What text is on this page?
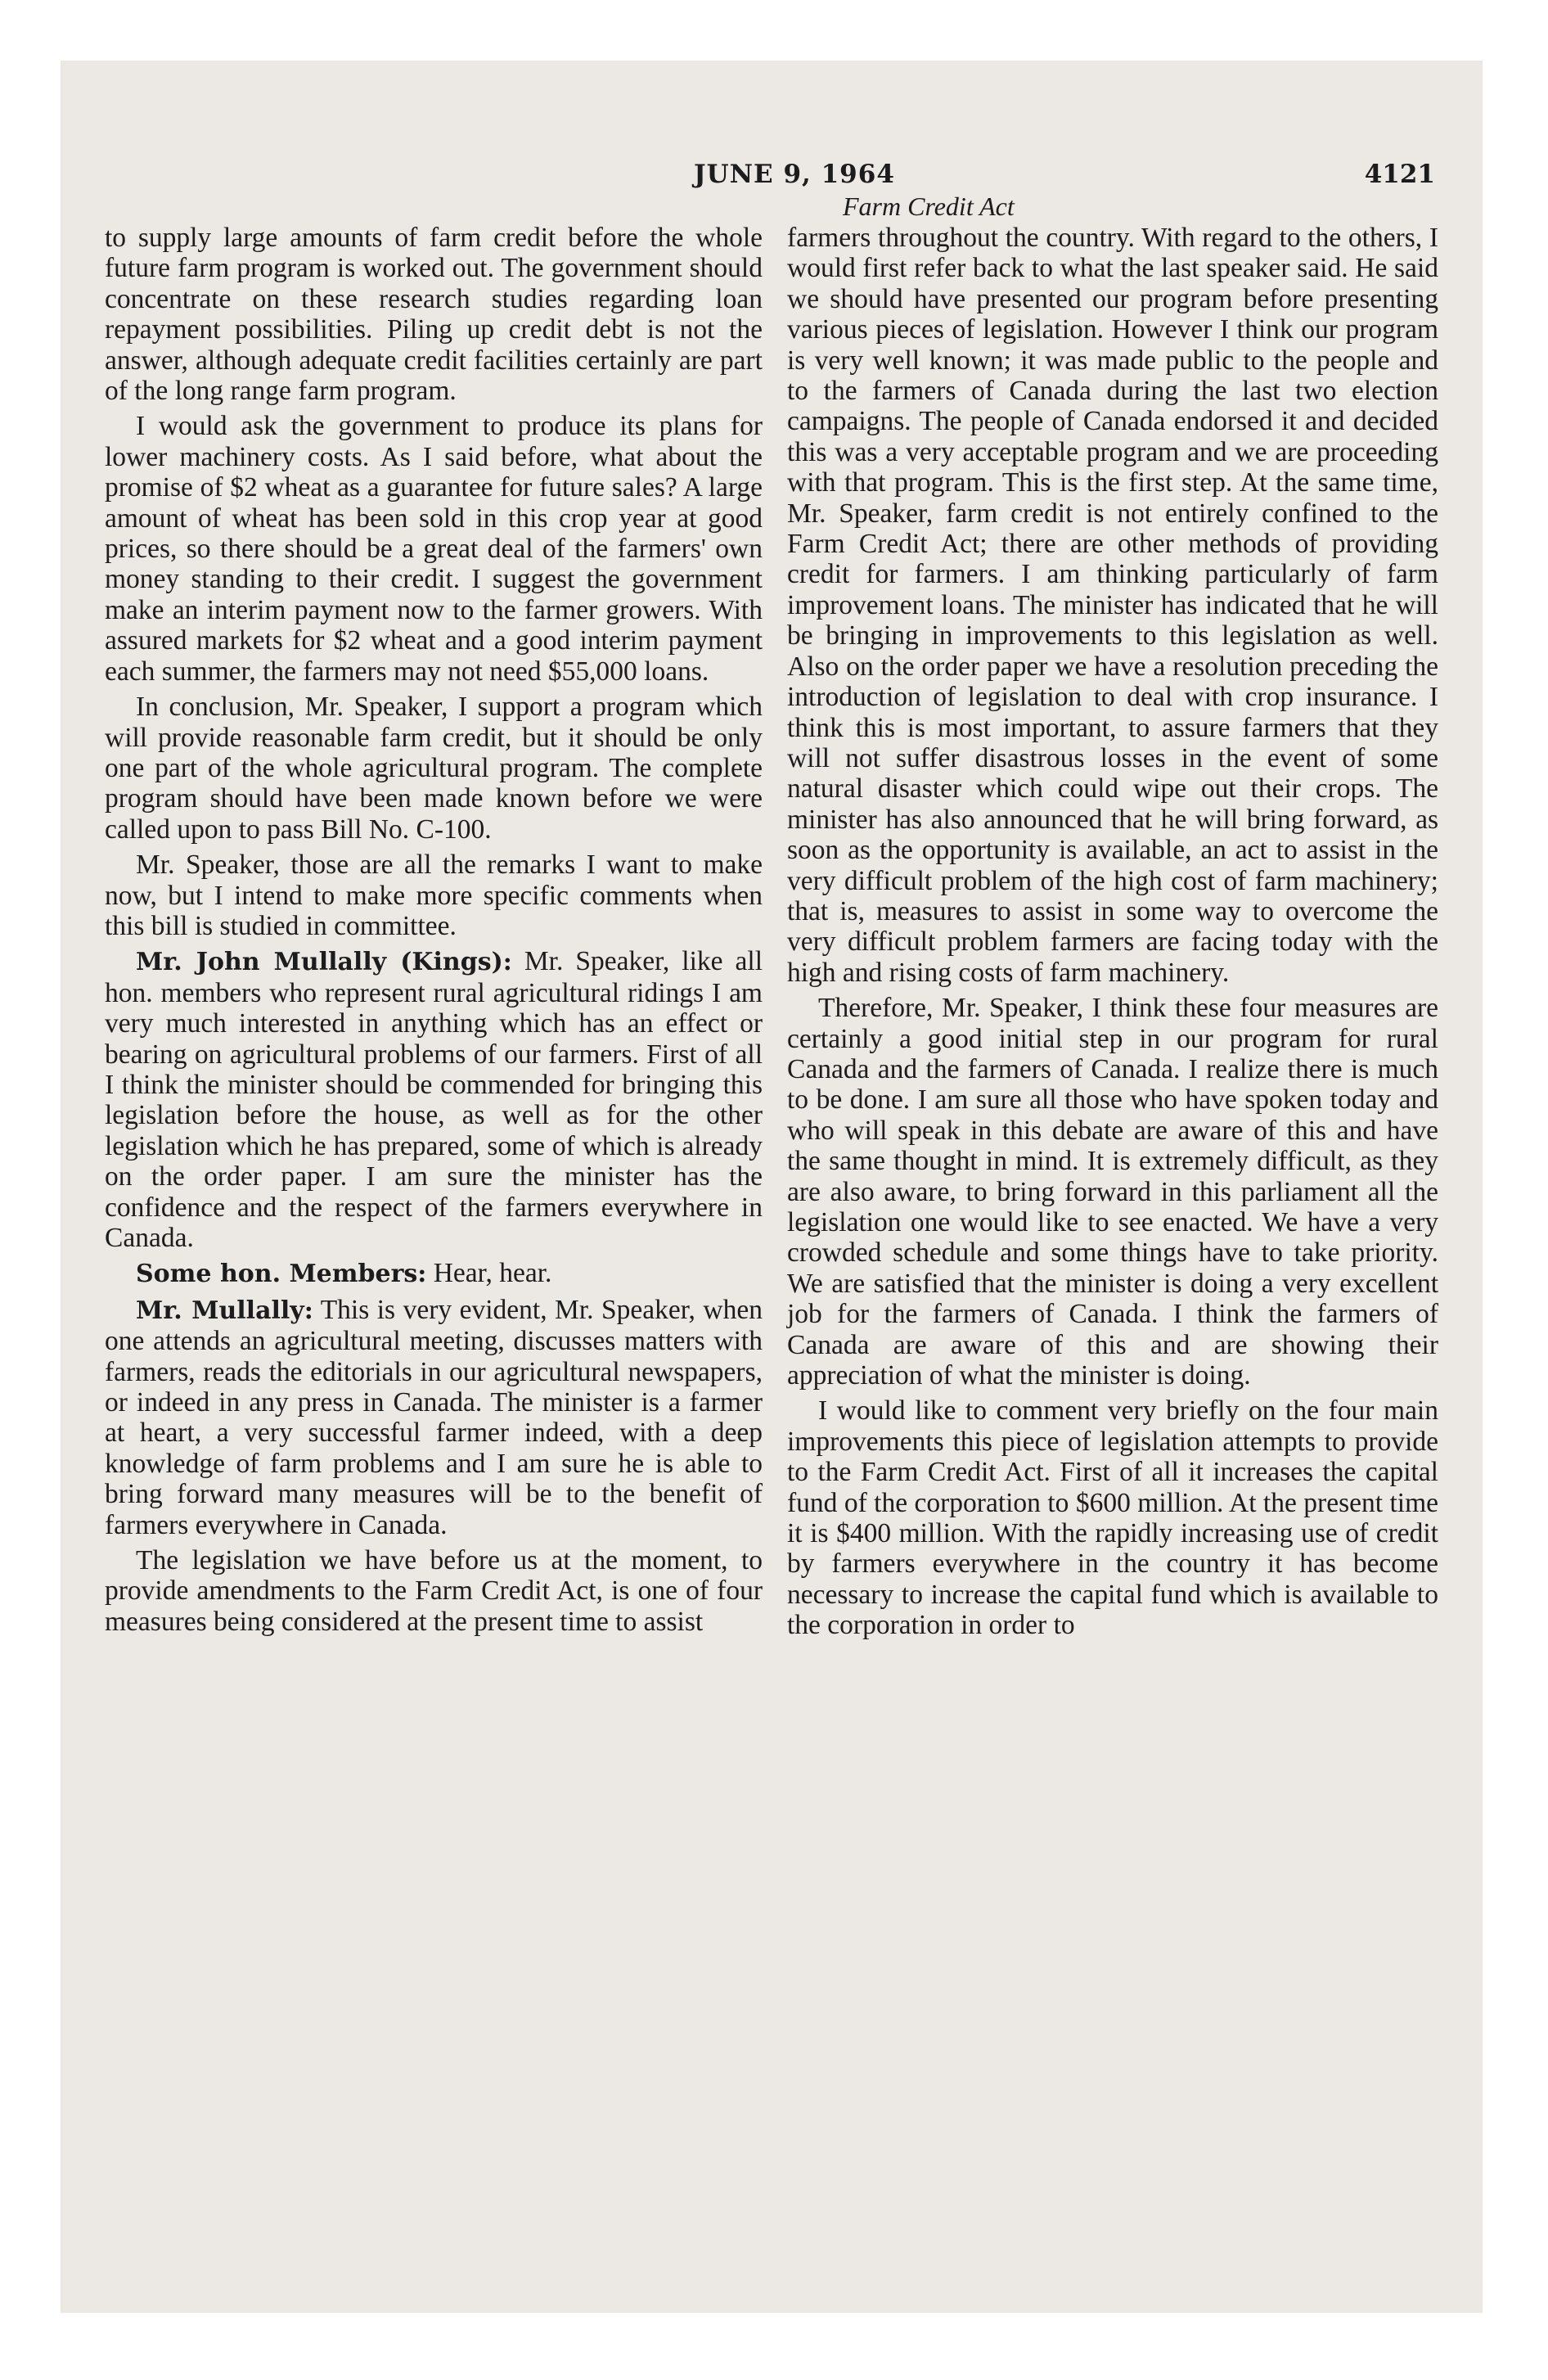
JUNE 9, 1964	4121
Farm Credit Act

to supply large amounts of farm credit before the whole future farm program is worked out. The government should concentrate on these research studies regarding loan repayment possibilities. Piling up credit debt is not the answer, although adequate credit facilities certainly are part of the long range farm program.

I would ask the government to produce its plans for lower machinery costs. As I said before, what about the promise of $2 wheat as a guarantee for future sales? A large amount of wheat has been sold in this crop year at good prices, so there should be a great deal of the farmers' own money standing to their credit. I suggest the government make an interim payment now to the farmer growers. With assured markets for $2 wheat and a good interim payment each summer, the farmers may not need $55,000 loans.

In conclusion, Mr. Speaker, I support a program which will provide reasonable farm credit, but it should be only one part of the whole agricultural program. The complete program should have been made known before we were called upon to pass Bill No. C-100.

Mr. Speaker, those are all the remarks I want to make now, but I intend to make more specific comments when this bill is studied in committee.

Mr. John Mullally (Kings): Mr. Speaker, like all hon. members who represent rural agricultural ridings I am very much interested in anything which has an effect or bearing on agricultural problems of our farmers. First of all I think the minister should be commended for bringing this legislation before the house, as well as for the other legislation which he has prepared, some of which is already on the order paper. I am sure the minister has the confidence and the respect of the farmers everywhere in Canada.

Some hon. Members: Hear, hear.

Mr. Mullally: This is very evident, Mr. Speaker, when one attends an agricultural meeting, discusses matters with farmers, reads the editorials in our agricultural newspapers, or indeed in any press in Canada. The minister is a farmer at heart, a very successful farmer indeed, with a deep knowledge of farm problems and I am sure he is able to bring forward many measures will be to the benefit of farmers everywhere in Canada.

The legislation we have before us at the moment, to provide amendments to the Farm Credit Act, is one of four measures being considered at the present time to assist

farmers throughout the country. With regard to the others, I would first refer back to what the last speaker said. He said we should have presented our program before presenting various pieces of legislation. However I think our program is very well known; it was made public to the people and to the farmers of Canada during the last two election campaigns. The people of Canada endorsed it and decided this was a very acceptable program and we are proceeding with that program. This is the first step. At the same time, Mr. Speaker, farm credit is not entirely confined to the Farm Credit Act; there are other methods of providing credit for farmers. I am thinking particularly of farm improvement loans. The minister has indicated that he will be bringing in improvements to this legislation as well. Also on the order paper we have a resolution preceding the introduction of legislation to deal with crop insurance. I think this is most important, to assure farmers that they will not suffer disastrous losses in the event of some natural disaster which could wipe out their crops. The minister has also announced that he will bring forward, as soon as the opportunity is available, an act to assist in the very difficult problem of the high cost of farm machinery; that is, measures to assist in some way to overcome the very difficult problem farmers are facing today with the high and rising costs of farm machinery.

Therefore, Mr. Speaker, I think these four measures are certainly a good initial step in our program for rural Canada and the farmers of Canada. I realize there is much to be done. I am sure all those who have spoken today and who will speak in this debate are aware of this and have the same thought in mind. It is extremely difficult, as they are also aware, to bring forward in this parliament all the legislation one would like to see enacted. We have a very crowded schedule and some things have to take priority. We are satisfied that the minister is doing a very excellent job for the farmers of Canada. I think the farmers of Canada are aware of this and are showing their appreciation of what the minister is doing.

I would like to comment very briefly on the four main improvements this piece of legislation attempts to provide to the Farm Credit Act. First of all it increases the capital fund of the corporation to $600 million. At the present time it is $400 million. With the rapidly increasing use of credit by farmers everywhere in the country it has become necessary to increase the capital fund which is available to the corporation in order to
